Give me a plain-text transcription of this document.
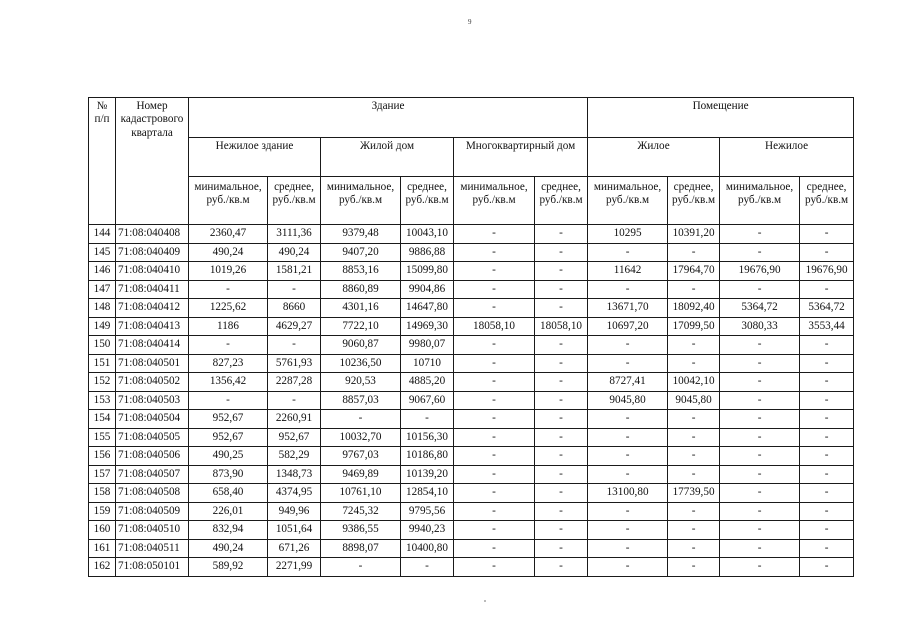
9
№ п/п	Номер кадастрового квартала	Здание						Помещение			
		Нежилое здание		Жилой дом		Многоквартирный дом		Жилое		Нежилое	
		минимальное, руб./кв.м	среднее, руб./кв.м	минимальное, руб./кв.м	среднее, руб./кв.м	минимальное, руб./кв.м	среднее, руб./кв.м	минимальное, руб./кв.м	среднее, руб./кв.м	минимальное, руб./кв.м	среднее, руб./кв.м
144	71:08:040408	2360,47	3111,36	9379,48	10043,10	-	-	10295	10391,20	-	-
145	71:08:040409	490,24	490,24	9407,20	9886,88	-	-	-	-	-	-
146	71:08:040410	1019,26	1581,21	8853,16	15099,80	-	-	11642	17964,70	19676,90	19676,90
147	71:08:040411	-	-	8860,89	9904,86	-	-	-	-	-	-
148	71:08:040412	1225,62	8660	4301,16	14647,80	-	-	13671,70	18092,40	5364,72	5364,72
149	71:08:040413	1186	4629,27	7722,10	14969,30	18058,10	18058,10	10697,20	17099,50	3080,33	3553,44
150	71:08:040414	-	-	9060,87	9980,07	-	-	-	-	-	-
151	71:08:040501	827,23	5761,93	10236,50	10710	-	-	-	-	-	-
152	71:08:040502	1356,42	2287,28	920,53	4885,20	-	-	8727,41	10042,10	-	-
153	71:08:040503	-	-	8857,03	9067,60	-	-	9045,80	9045,80	-	-
154	71:08:040504	952,67	2260,91	-	-	-	-	-	-	-	-
155	71:08:040505	952,67	952,67	10032,70	10156,30	-	-	-	-	-	-
156	71:08:040506	490,25	582,29	9767,03	10186,80	-	-	-	-	-	-
157	71:08:040507	873,90	1348,73	9469,89	10139,20	-	-	-	-	-	-
158	71:08:040508	658,40	4374,95	10761,10	12854,10	-	-	13100,80	17739,50	-	-
159	71:08:040509	226,01	949,96	7245,32	9795,56	-	-	-	-	-	-
160	71:08:040510	832,94	1051,64	9386,55	9940,23	-	-	-	-	-	-
161	71:08:040511	490,24	671,26	8898,07	10400,80	-	-	-	-	-	-
162	71:08:050101	589,92	2271,99	-	-	-	-	-	-	-	-
